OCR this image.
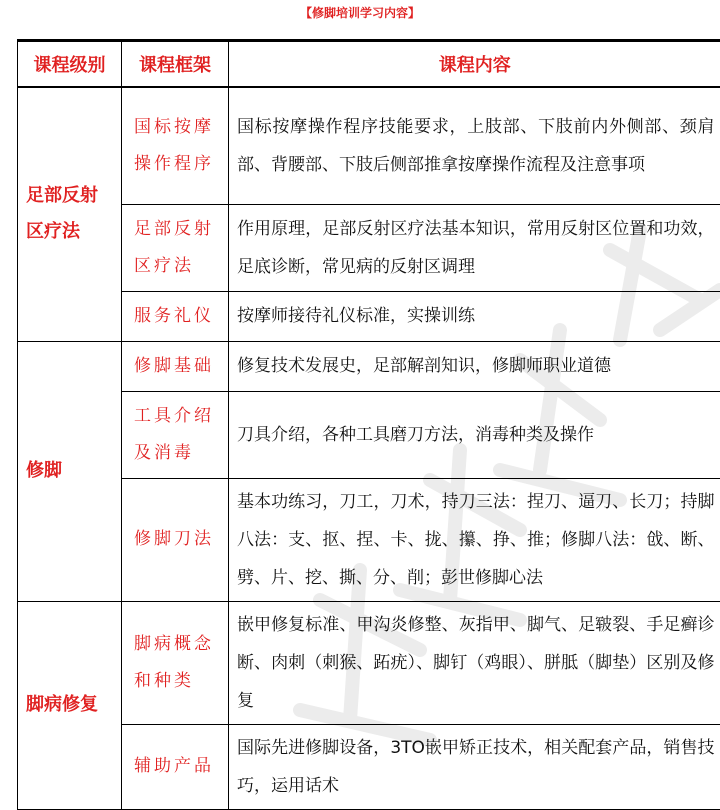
【修脚培训学习内容】
课程级别	课程框架	课程内容
足部反射区疗法	国标按摩操作程序	国标按摩操作程序技能要求，上肢部、下肢前内外侧部、颈肩部、背腰部、下肢后侧部推拿按摩操作流程及注意事项
	足部反射区疗法	作用原理，足部反射区疗法基本知识，常用反射区位置和功效，足底诊断，常见病的反射区调理
	服务礼仪	按摩师接待礼仪标准，实操训练
修脚	修脚基础	修复技术发展史，足部解剖知识，修脚师职业道德
	工具介绍及消毒	刀具介绍，各种工具磨刀方法，消毒种类及操作
	修脚刀法	基本功练习，刀工，刀术，持刀三法：捏刀、逼刀、长刀；持脚八法：支、抠、捏、卡、拢、攥、挣、推；修脚八法：戗、断、劈、片、挖、撕、分、削；彭世修脚心法
脚病修复	脚病概念和种类	嵌甲修复标准、甲沟炎修整、灰指甲、脚气、足皲裂、手足癣诊断、肉刺（刺猴、跖疣）、脚钉（鸡眼）、胼胝（脚垫）区别及修复
	辅助产品	国际先进修脚设备，3TO嵌甲矫正技术，相关配套产品，销售技巧，运用话术
